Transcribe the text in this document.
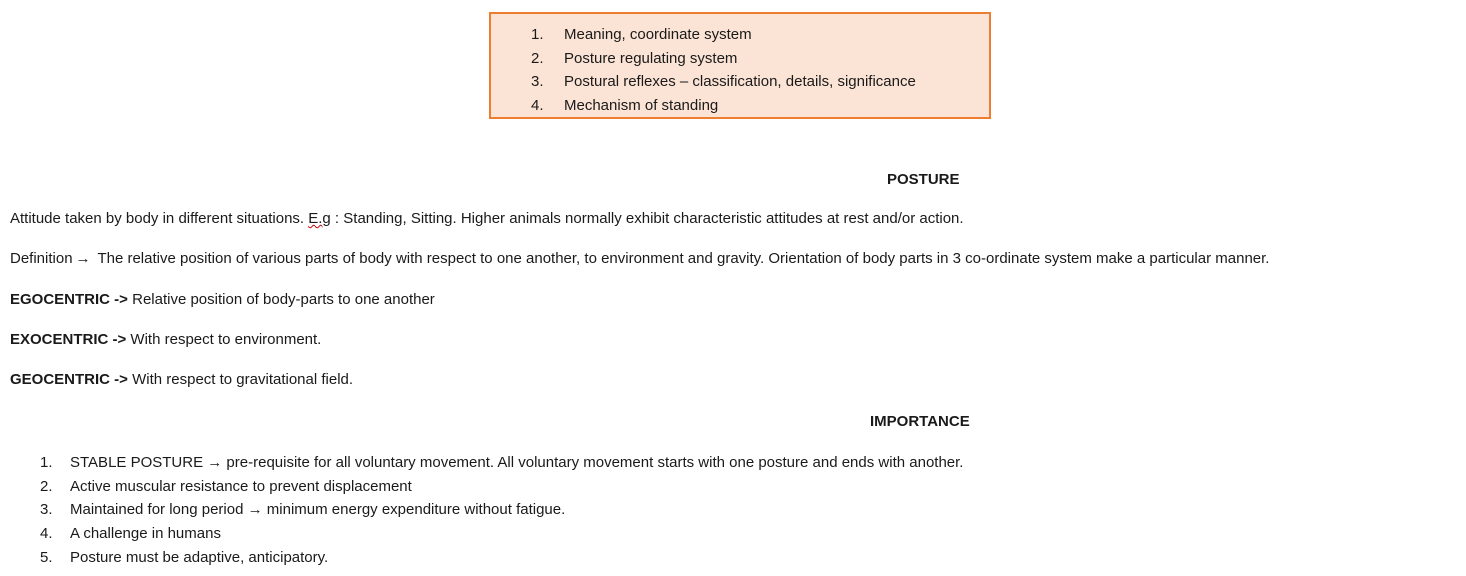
1. Meaning, coordinate system
2. Posture regulating system
3. Postural reflexes – classification, details, significance
4. Mechanism of standing
POSTURE

Attitude taken by body in different situations. E.g : Standing, Sitting. Higher animals normally exhibit characteristic attitudes at rest and/or action.

Definition → The relative position of various parts of body with respect to one another, to environment and gravity. Orientation of body parts in 3 co-ordinate system make a particular manner.

EGOCENTRIC -> Relative position of body-parts to one another

EXOCENTRIC -> With respect to environment.

GEOCENTRIC -> With respect to gravitational field.

IMPORTANCE
1. STABLE POSTURE → pre-requisite for all voluntary movement. All voluntary movement starts with one posture and ends with another.
2. Active muscular resistance to prevent displacement
3. Maintained for long period → minimum energy expenditure without fatigue.
4. A challenge in humans
5. Posture must be adaptive, anticipatory.
